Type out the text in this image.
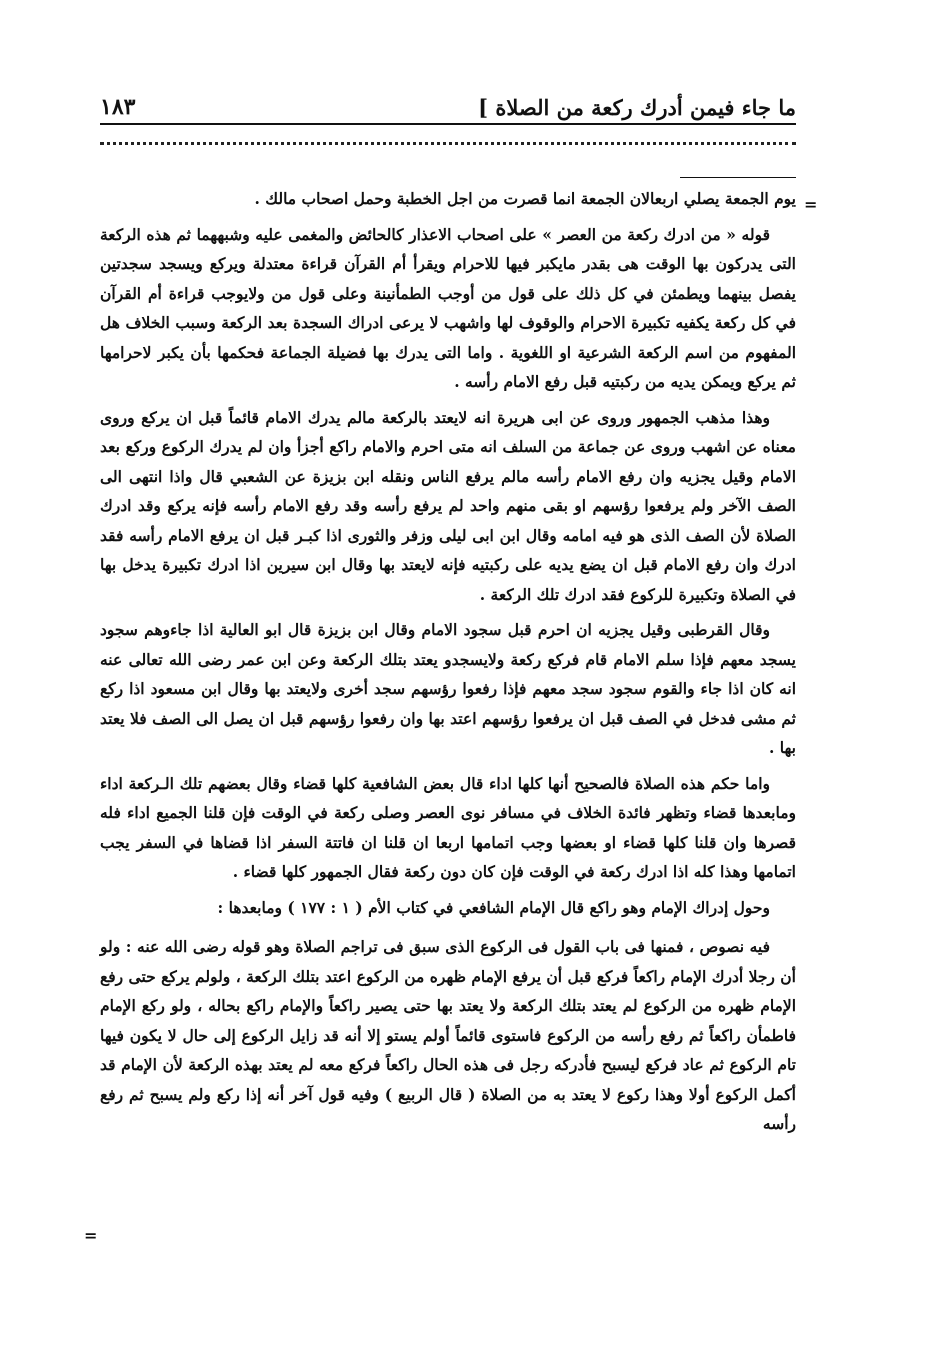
ما جاء فيمن أدرك ركعة من الصلاة ]
١٨٣
=

يوم الجمعة يصلي اربعالان الجمعة انما قصرت من اجل الخطبة وحمل اصحاب مالك .

قوله « من ادرك ركعة من العصر » على اصحاب الاعذار كالحائض والمغمى عليه وشبههما ثم هذه الركعة التى يدركون بها الوقت هى بقدر مايكبر فيها للاحرام ويقرأ أم القرآن قراءة معتدلة ويركع ويسجد سجدتين يفصل بينهما ويطمئن في كل ذلك على قول من أوجب الطمأنينة وعلى قول من ولايوجب قراءة أم القرآن في كل ركعة يكفيه تكبيرة الاحرام والوقوف لها واشهب لا يرعى ادراك السجدة بعد الركعة وسبب الخلاف هل المفهوم من اسم الركعة الشرعية او اللغوية . واما التى يدرك بها فضيلة الجماعة فحكمها بأن يكبر لاحرامها ثم يركع ويمكن يديه من ركبتيه قبل رفع الامام رأسه .

وهذا مذهب الجمهور وروى عن ابى هريرة انه لايعتد بالركعة مالم يدرك الامام قائماً قبل ان يركع وروى معناه عن اشهب وروى عن جماعة من السلف انه متى احرم والامام راكع أجزأ وان لم يدرك الركوع وركع بعد الامام وقيل يجزيه وان رفع الامام رأسه مالم يرفع الناس ونقله ابن بزيزة عن الشعبي قال واذا انتهى الى الصف الآخر ولم يرفعوا رؤسهم او بقى منهم واحد لم يرفع رأسه وقد رفع الامام رأسه فإنه يركع وقد ادرك الصلاة لأن الصف الذى هو فيه امامه وقال ابن ابى ليلى وزفر والثورى اذا كبـر قبل ان يرفع الامام رأسه فقد ادرك وان رفع الامام قبل ان يضع يديه على ركبتيه فإنه لايعتد بها وقال ابن سيرين اذا ادرك تكبيرة يدخل بها في الصلاة وتكبيرة للركوع فقد ادرك تلك الركعة .

وقال القرطبى وقيل يجزيه ان احرم قبل سجود الامام وقال ابن بزيزة قال ابو العالية اذا جاءوهم سجود يسجد معهم فإذا سلم الامام قام فركع ركعة ولايسجدو يعتد بتلك الركعة وعن ابن عمر رضى الله تعالى عنه انه كان اذا جاء والقوم سجود سجد معهم فإذا رفعوا رؤسهم سجد أخرى ولايعتد بها وقال ابن مسعود اذا ركع ثم مشى فدخل في الصف قبل ان يرفعوا رؤسهم اعتد بها وان رفعوا رؤسهم قبل ان يصل الى الصف فلا يعتد بها .

واما حكم هذه الصلاة فالصحيح أنها كلها اداء قال بعض الشافعية كلها قضاء وقال بعضهم تلك الـركعة اداء ومابعدها قضاء وتظهر فائدة الخلاف في مسافر نوى العصر وصلى ركعة في الوقت فإن قلنا الجميع اداء فله قصرها وان قلنا كلها قضاء او بعضها وجب اتمامها اربعا ان قلنا ان فاتتة السفر اذا قضاها في السفر يجب اتمامها وهذا كله اذا ادرك ركعة في الوقت فإن كان دون ركعة فقال الجمهور كلها قضاء .

وحول إدراك الإمام وهو راكع قال الإمام الشافعي في كتاب الأم ( ١ : ١٧٧ ) ومابعدها :

فيه نصوص ، فمنها فى باب القول فى الركوع الذى سبق فى تراجم الصلاة وهو قوله رضى الله عنه : ولو أن رجلا أدرك الإمام راكعاً فركع قبل أن يرفع الإمام ظهره من الركوع اعتد بتلك الركعة ، ولولم يركع حتى رفع الإمام ظهره من الركوع لم يعتد بتلك الركعة ولا يعتد بها حتى يصير راكعاً والإمام راكع بحاله ، ولو ركع الإمام فاطمأن راكعاً ثم رفع رأسه من الركوع فاستوى قائماً أولم يستو إلا أنه قد زايل الركوع إلى حال لا يكون فيها تام الركوع ثم عاد فركع ليسبح فأدركه رجل فى هذه الحال راكعاً فركع معه لم يعتد بهذه الركعة لأن الإمام قد أكمل الركوع أولا وهذا ركوع لا يعتد به من الصلاة ( قال الربيع ) وفيه قول آخر أنه إذا ركع ولم يسبح ثم رفع رأسه

=
